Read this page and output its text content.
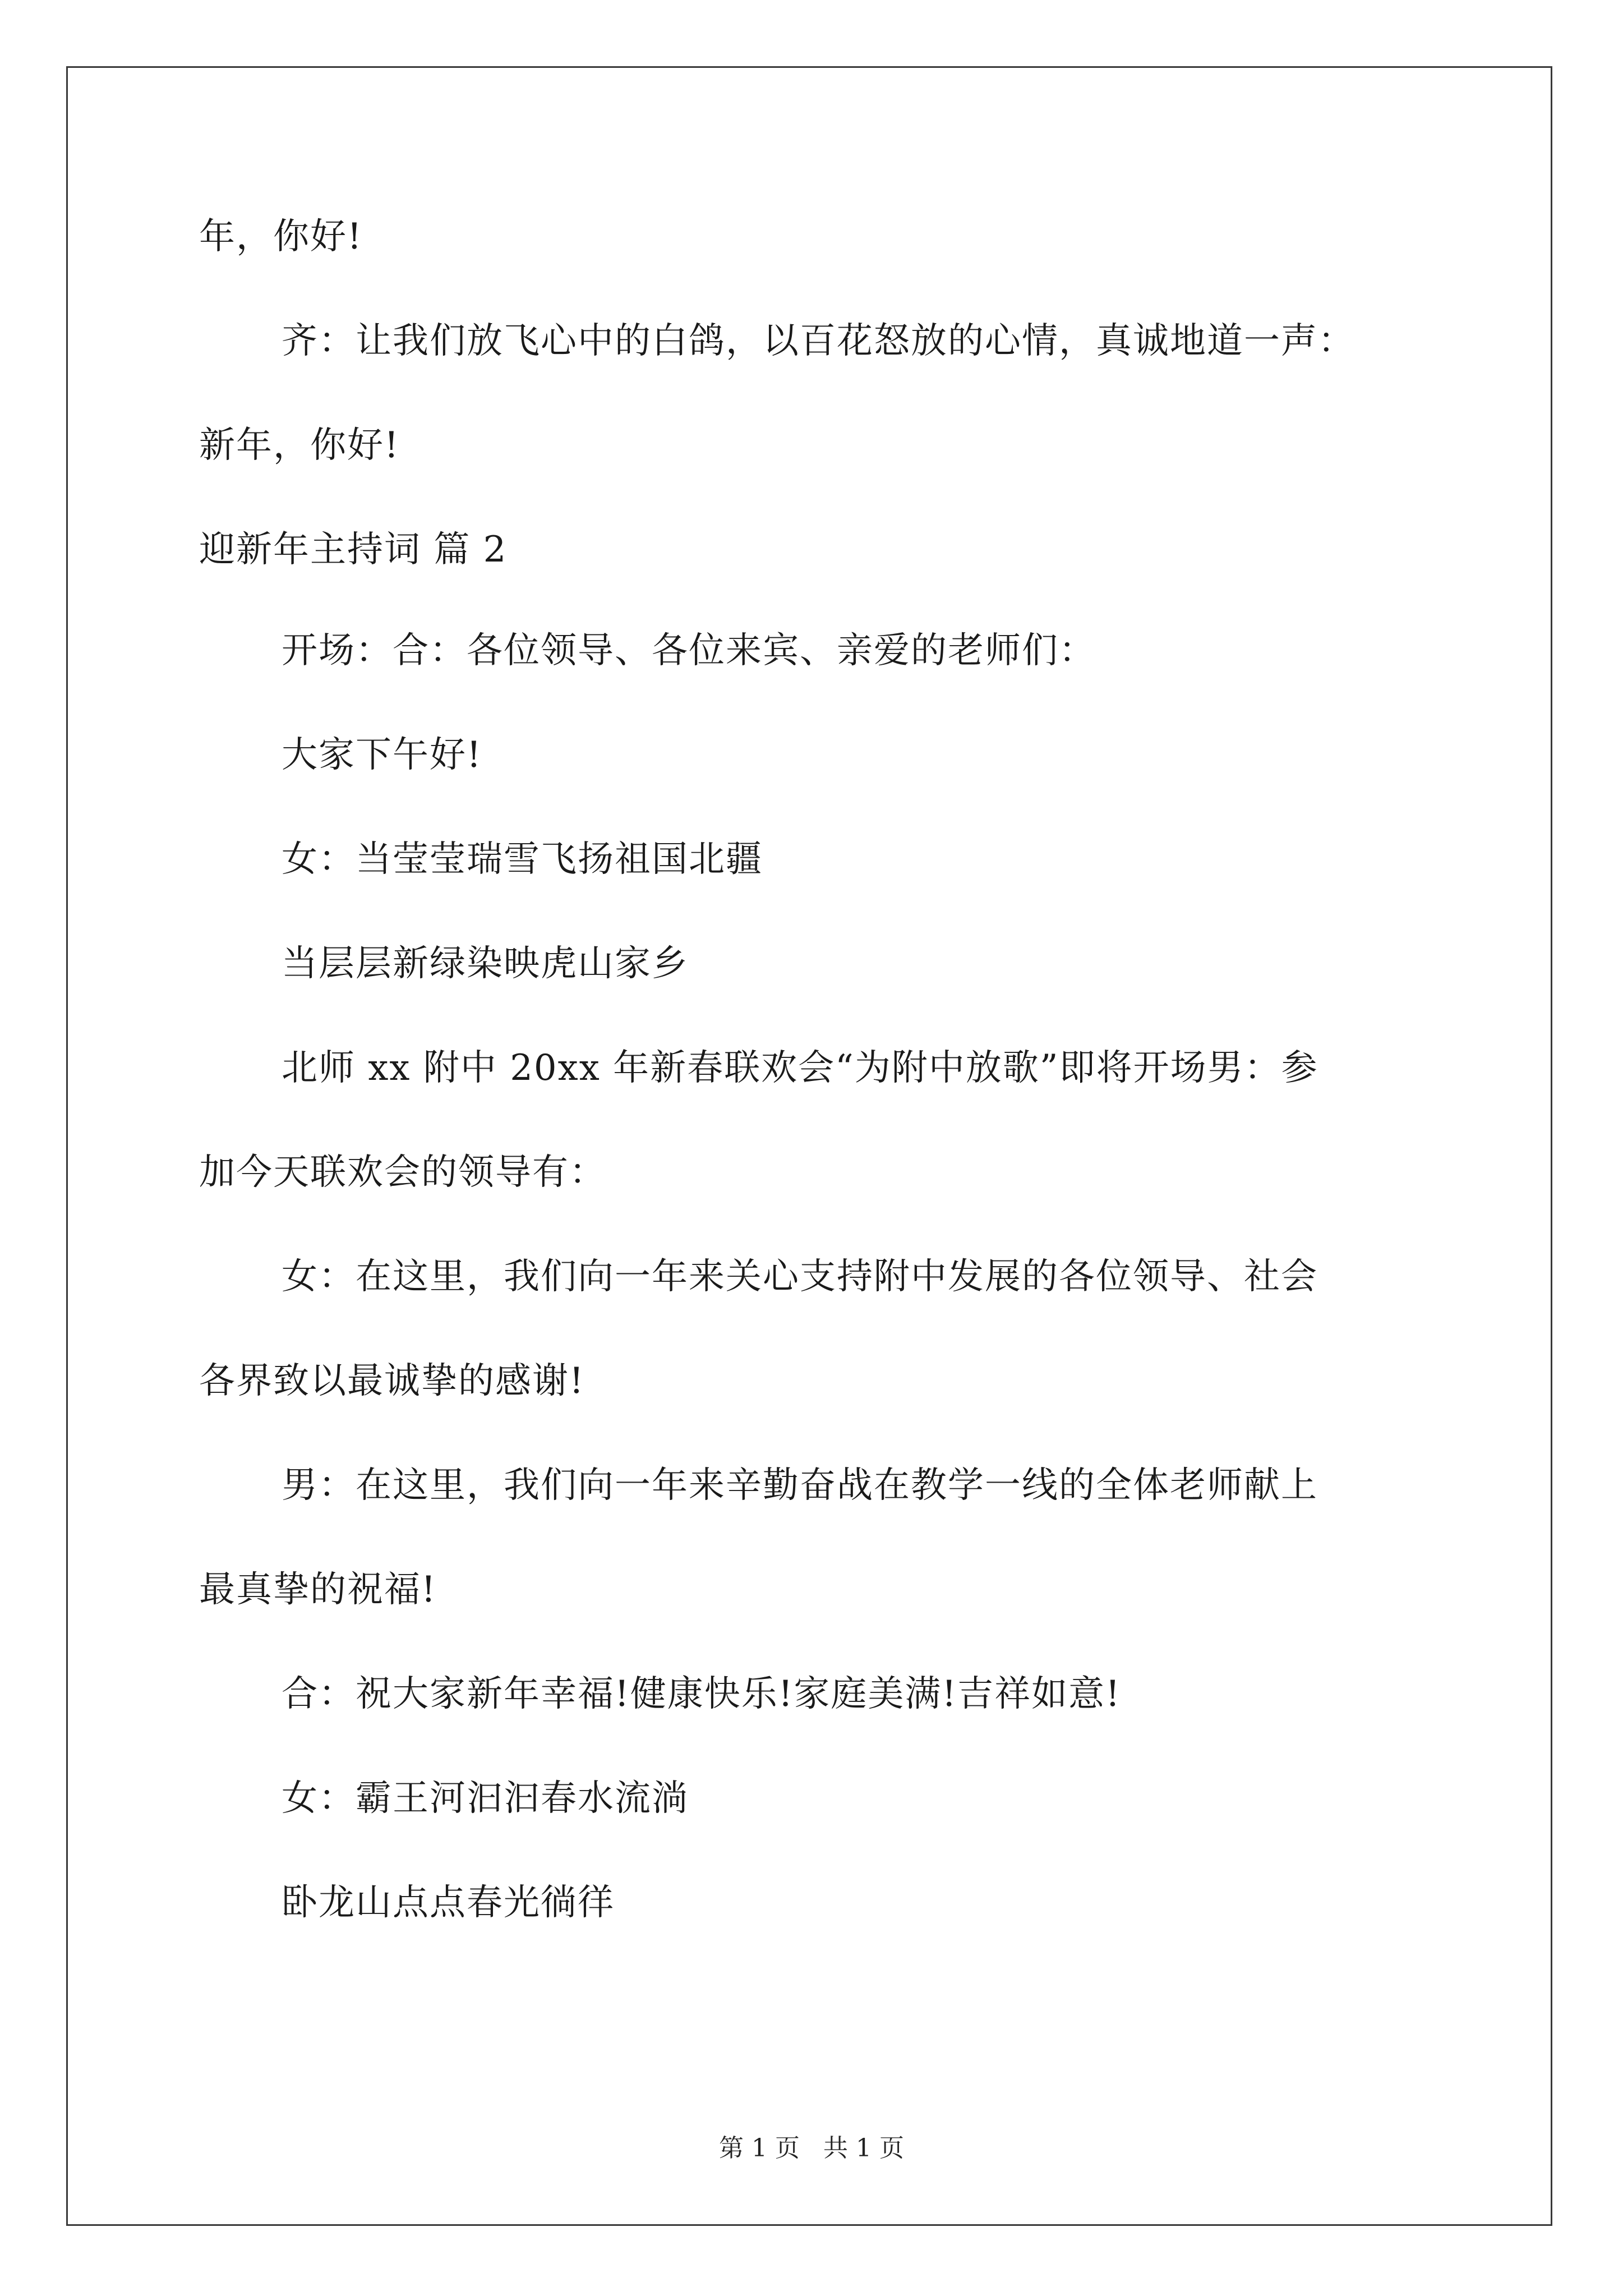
年，你好!

齐：让我们放飞心中的白鸽，以百花怒放的心情，真诚地道一声：

新年，你好!

迎新年主持词 篇 2

开场：合：各位领导、各位来宾、亲爱的老师们：

大家下午好!

女：当莹莹瑞雪飞扬祖国北疆

当层层新绿染映虎山家乡

北师 xx 附中 20xx 年新春联欢会“为附中放歌”即将开场男：参

加今天联欢会的领导有：

女：在这里，我们向一年来关心支持附中发展的各位领导、社会

各界致以最诚挚的感谢!

男：在这里，我们向一年来辛勤奋战在教学一线的全体老师献上

最真挚的祝福!

合：祝大家新年幸福!健康快乐!家庭美满!吉祥如意!

女：霸王河汩汩春水流淌

卧龙山点点春光徜徉

第 1 页 共 1 页
